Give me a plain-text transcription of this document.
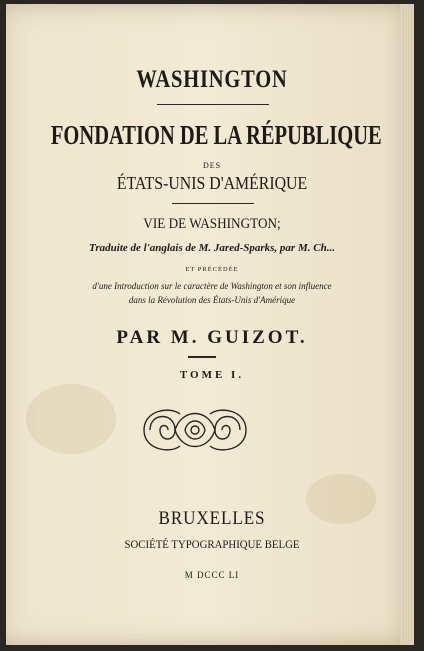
WASHINGTON
FONDATION DE LA RÉPUBLIQUE
DES
ÉTATS-UNIS D'AMÉRIQUE
VIE DE WASHINGTON;
Traduite de l'anglais de M. Jared-Sparks, par M. Ch...
ET PRÉCÉDÉE
d'une Introduction sur le caractère de Washington et son influence
dans la Révolution des États-Unis d'Amérique
PAR M. GUIZOT.
TOME I.
BRUXELLES
SOCIÉTÉ TYPOGRAPHIQUE BELGE
M DCCC LI
